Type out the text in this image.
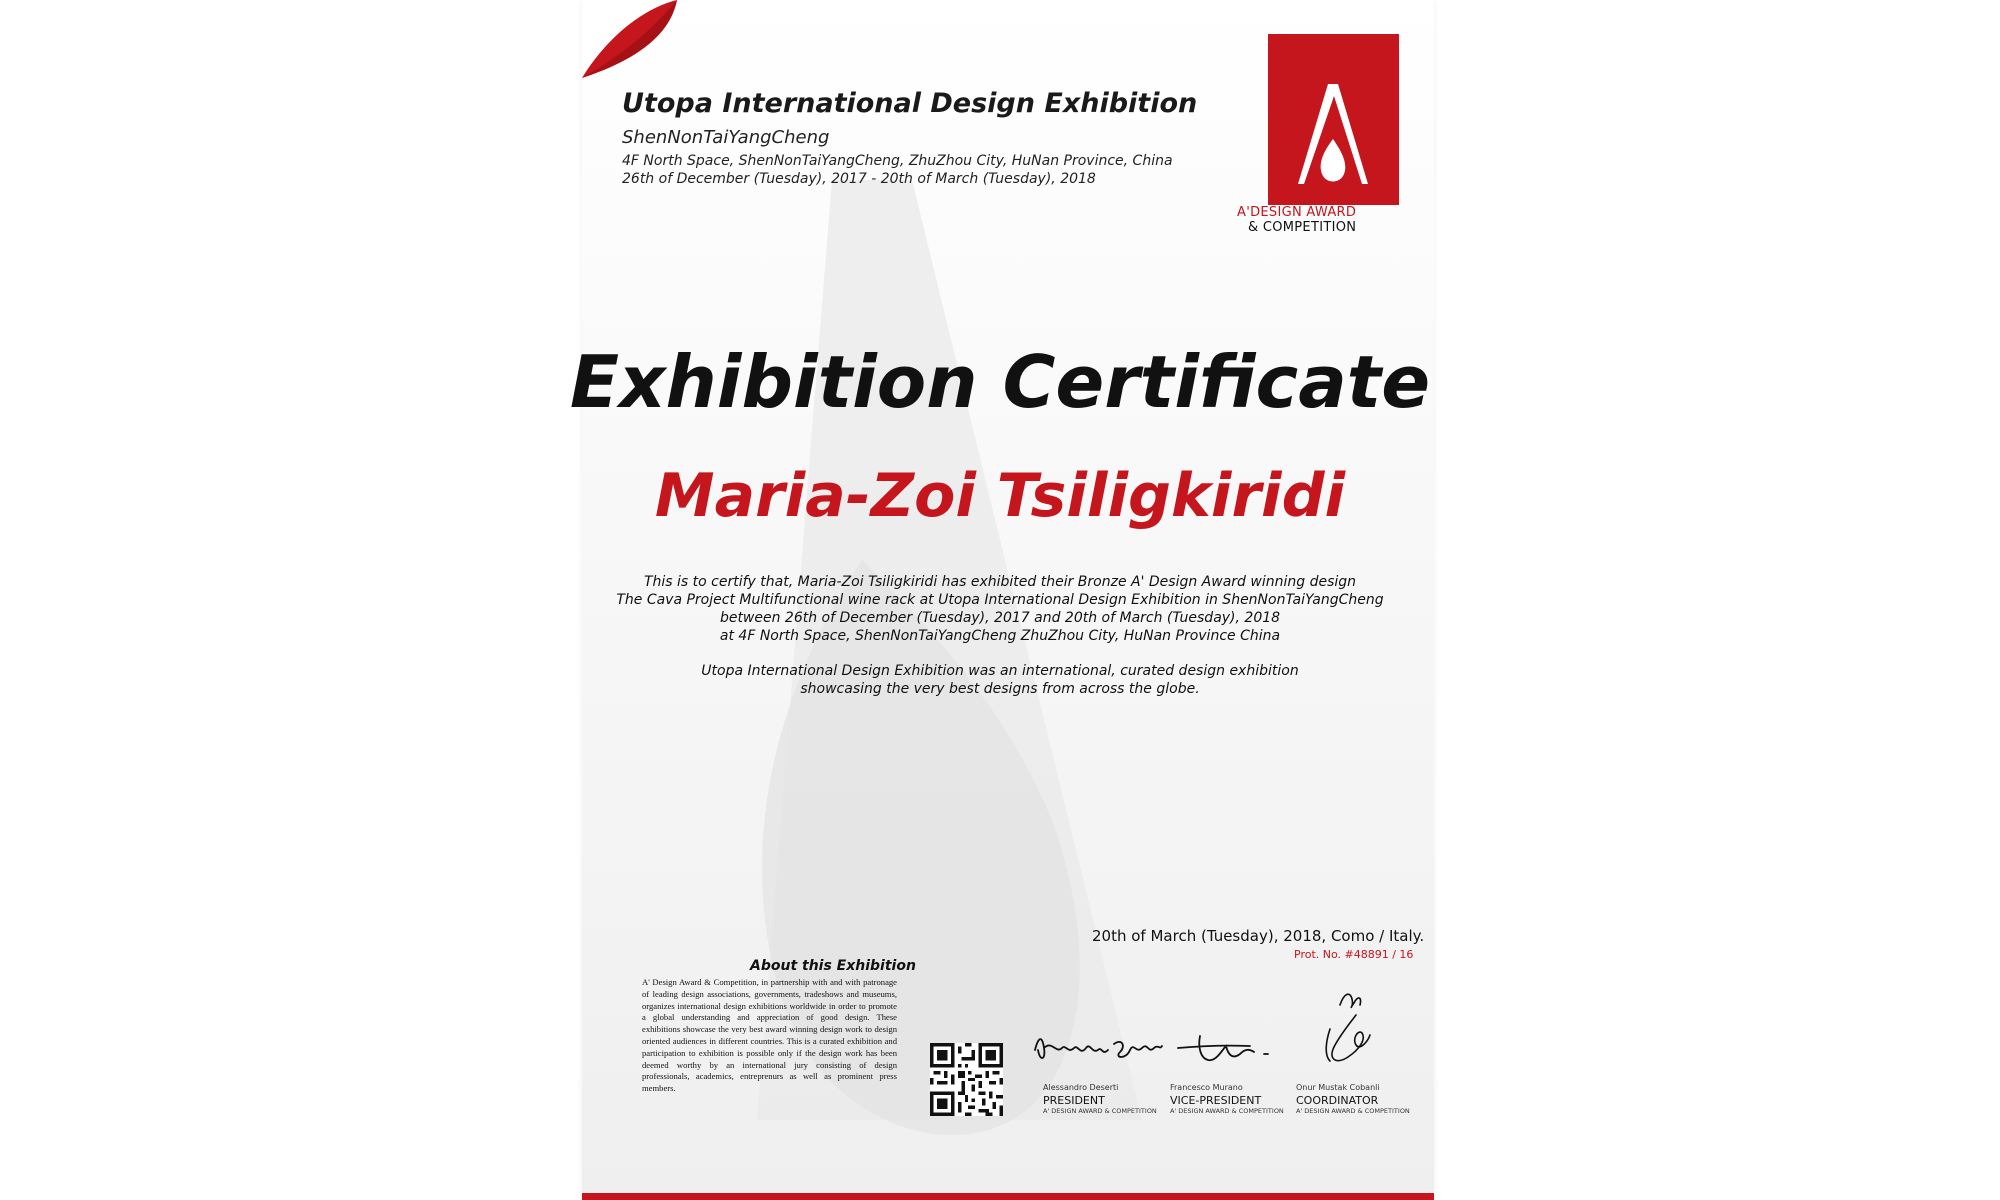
Utopa International Design Exhibition
ShenNonTaiYangCheng
4F North Space, ShenNonTaiYangCheng, ZhuZhou City, HuNan Province, China
26th of December (Tuesday), 2017 - 20th of March (Tuesday), 2018
A'DESIGN AWARD
& COMPETITION
Exhibition Certificate
Maria-Zoi Tsiligkiridi
This is to certify that, Maria-Zoi Tsiligkiridi has exhibited their Bronze A' Design Award winning design
The Cava Project Multifunctional wine rack at Utopa International Design Exhibition in ShenNonTaiYangCheng
between 26th of December (Tuesday), 2017 and 20th of March (Tuesday), 2018
at 4F North Space, ShenNonTaiYangCheng ZhuZhou City, HuNan Province China
Utopa International Design Exhibition was an international, curated design exhibition
showcasing the very best designs from across the globe.
20th of March (Tuesday), 2018, Como / Italy.
Prot. No. #48891 / 16
About this Exhibition
A' Design Award & Competition, in partnership with and with patronage of leading design associations, governments, tradeshows and museums, organizes international design exhibitions worldwide in order to promote a global understanding and appreciation of good design. These exhibitions showcase the very best award winning design work to design oriented audiences in different countries. This is a curated exhibition and participation to exhibition is possible only if the design work has been deemed worthy by an international jury consisting of design professionals, academics, entreprenurs as well as prominent press members.	Alessandro Deserti
PRESIDENT
A' DESIGN AWARD & COMPETITION
Francesco Murano
VICE-PRESIDENT
A' DESIGN AWARD & COMPETITION
Onur Mustak Cobanli
COORDINATOR
A' DESIGN AWARD & COMPETITION
